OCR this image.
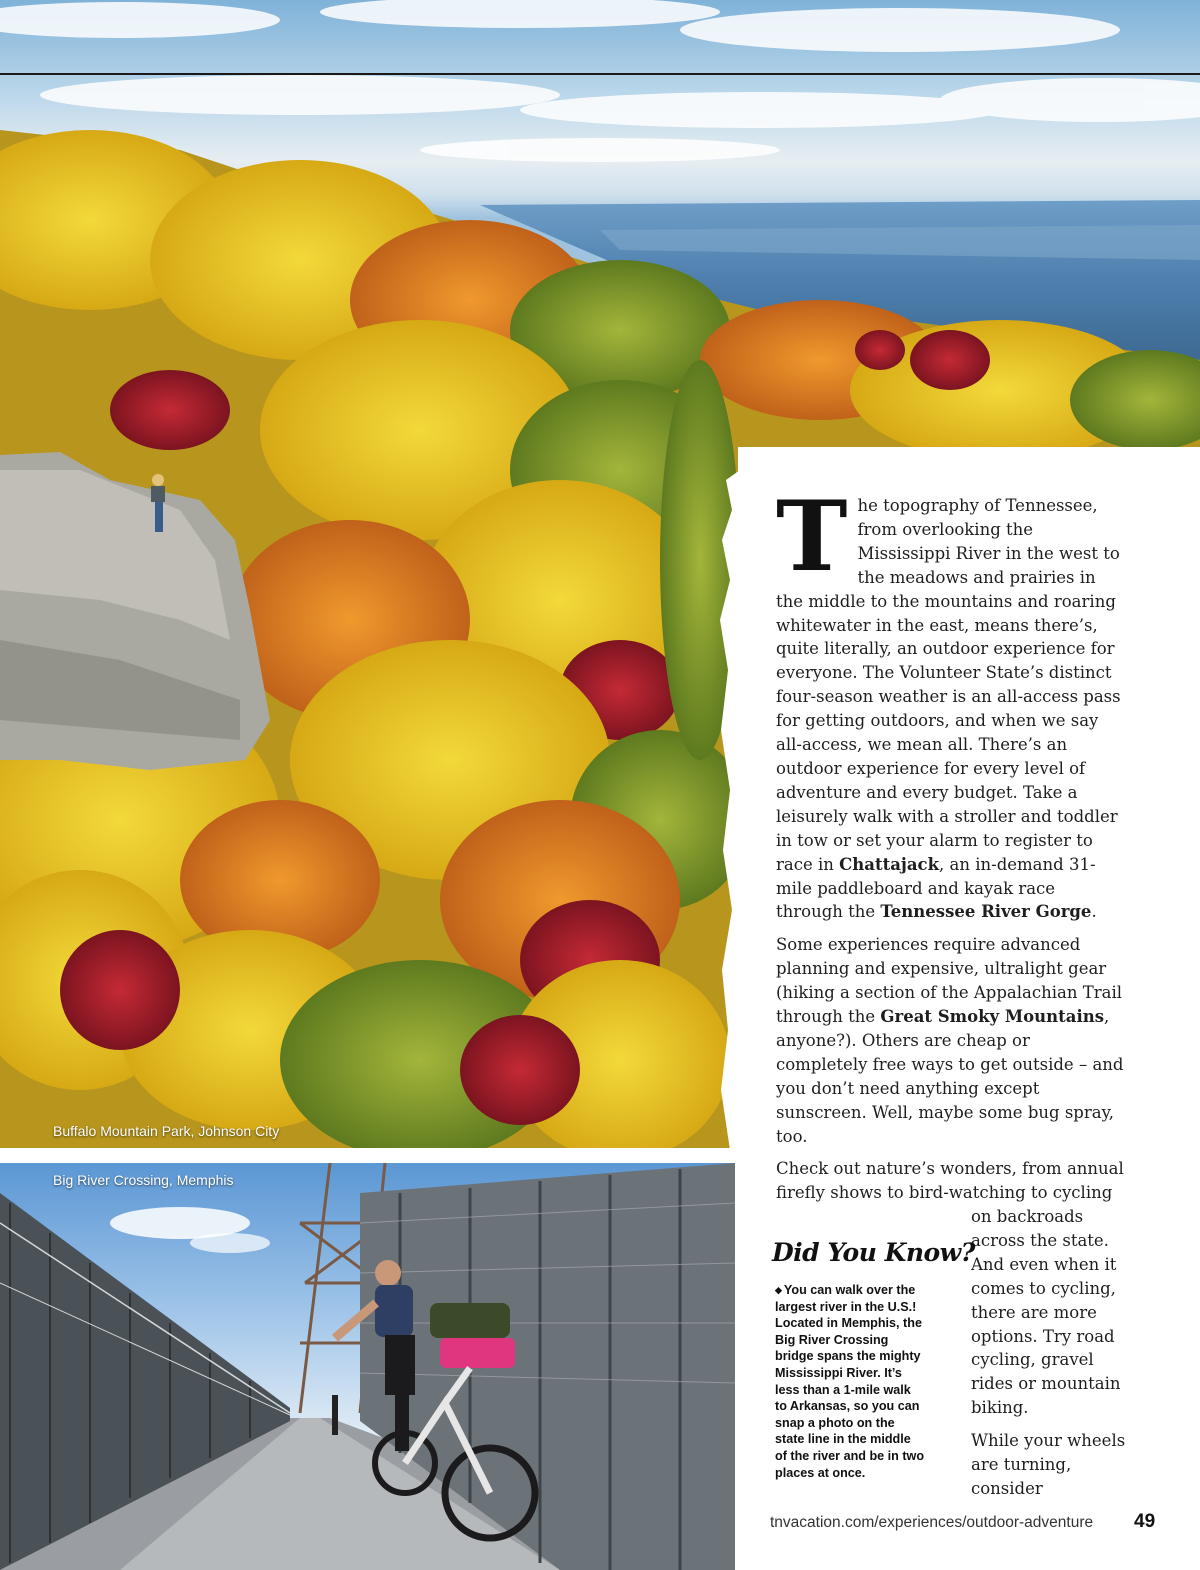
Buffalo Mountain Park, Johnson City
Big River Crossing, Memphis

The topography of Tennessee, from overlooking the Mississippi River in the west to the meadows and prairies in the middle to the mountains and roaring whitewater in the east, means there’s, quite literally, an outdoor experience for everyone. The Volunteer State’s distinct four-season weather is an all-access pass for getting outdoors, and when we say all-access, we mean all. There’s an outdoor experience for every level of adventure and every budget. Take a leisurely walk with a stroller and toddler in tow or set your alarm to register to race in Chattajack, an in-demand 31-mile paddleboard and kayak race through the Tennessee River Gorge.

Some experiences require advanced planning and expensive, ultralight gear (hiking a section of the Appalachian Trail through the Great Smoky Mountains, anyone?). Others are cheap or completely free ways to get outside – and you don’t need anything except sunscreen. Well, maybe some bug spray, too.

Check out nature’s wonders, from annual firefly shows to bird-watching to cycling

on backroads across the state. And even when it comes to cycling, there are more options. Try road cycling, gravel rides or mountain biking.

While your wheels are turning, consider

Did You Know?
◆ You can walk over the largest river in the U.S.! Located in Memphis, the Big River Crossing bridge spans the mighty Mississippi River. It’s less than a 1-mile walk to Arkansas, so you can snap a photo on the state line in the middle of the river and be in two places at once.
tnvacation.com/experiences/outdoor-adventure 49
